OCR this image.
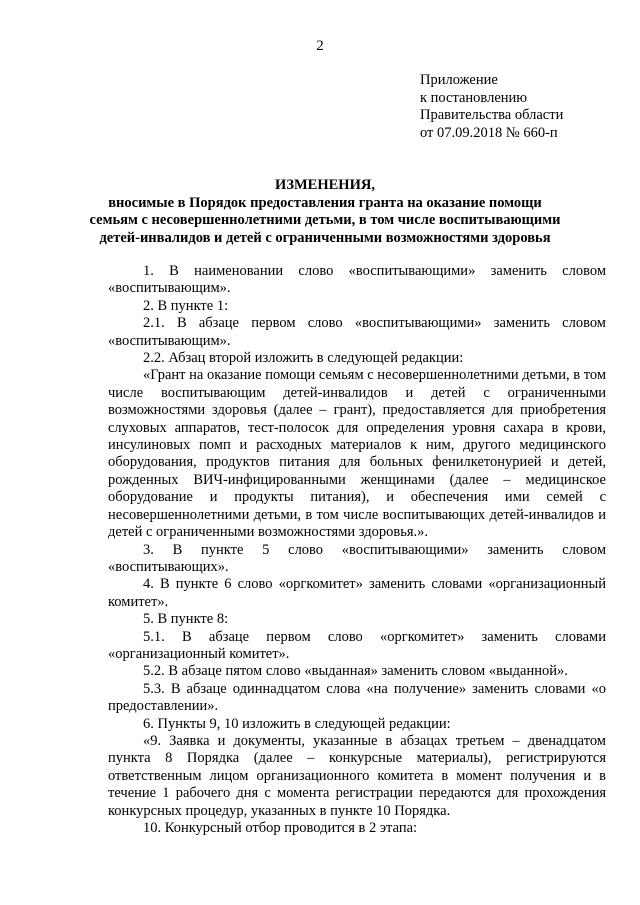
2
Приложение
к постановлению
Правительства области
от 07.09.2018 № 660-п
ИЗМЕНЕНИЯ,
вносимые в Порядок предоставления гранта на оказание помощи
семьям с несовершеннолетними детьми, в том числе воспитывающими
детей-инвалидов и детей с ограниченными возможностями здоровья
1. В наименовании слово «воспитывающими» заменить словом «воспитывающим».
2. В пункте 1:
2.1. В абзаце первом слово «воспитывающими» заменить словом «воспитывающим».
2.2. Абзац второй изложить в следующей редакции:
«Грант на оказание помощи семьям с несовершеннолетними детьми, в том числе воспитывающим детей-инвалидов и детей с ограниченными возможностями здоровья (далее – грант), предоставляется для приобретения слуховых аппаратов, тест-полосок для определения уровня сахара в крови, инсулиновых помп и расходных материалов к ним, другого медицинского оборудования, продуктов питания для больных фенилкетонурией и детей, рожденных ВИЧ-инфицированными женщинами (далее – медицинское оборудование и продукты питания), и обеспечения ими семей с несовершеннолетними детьми, в том числе воспитывающих детей-инвалидов и детей с ограниченными возможностями здоровья.».
3. В пункте 5 слово «воспитывающими» заменить словом «воспитывающих».
4. В пункте 6 слово «оргкомитет» заменить словами «организационный комитет».
5. В пункте 8:
5.1. В абзаце первом слово «оргкомитет» заменить словами «организационный комитет».
5.2. В абзаце пятом слово «выданная» заменить словом «выданной».
5.3. В абзаце одиннадцатом слова «на получение» заменить словами «о предоставлении».
6. Пункты 9, 10 изложить в следующей редакции:
«9. Заявка и документы, указанные в абзацах третьем – двенадцатом пункта 8 Порядка (далее – конкурсные материалы), регистрируются ответственным лицом организационного комитета в момент получения и в течение 1 рабочего дня с момента регистрации передаются для прохождения конкурсных процедур, указанных в пункте 10 Порядка.
10. Конкурсный отбор проводится в 2 этапа:
